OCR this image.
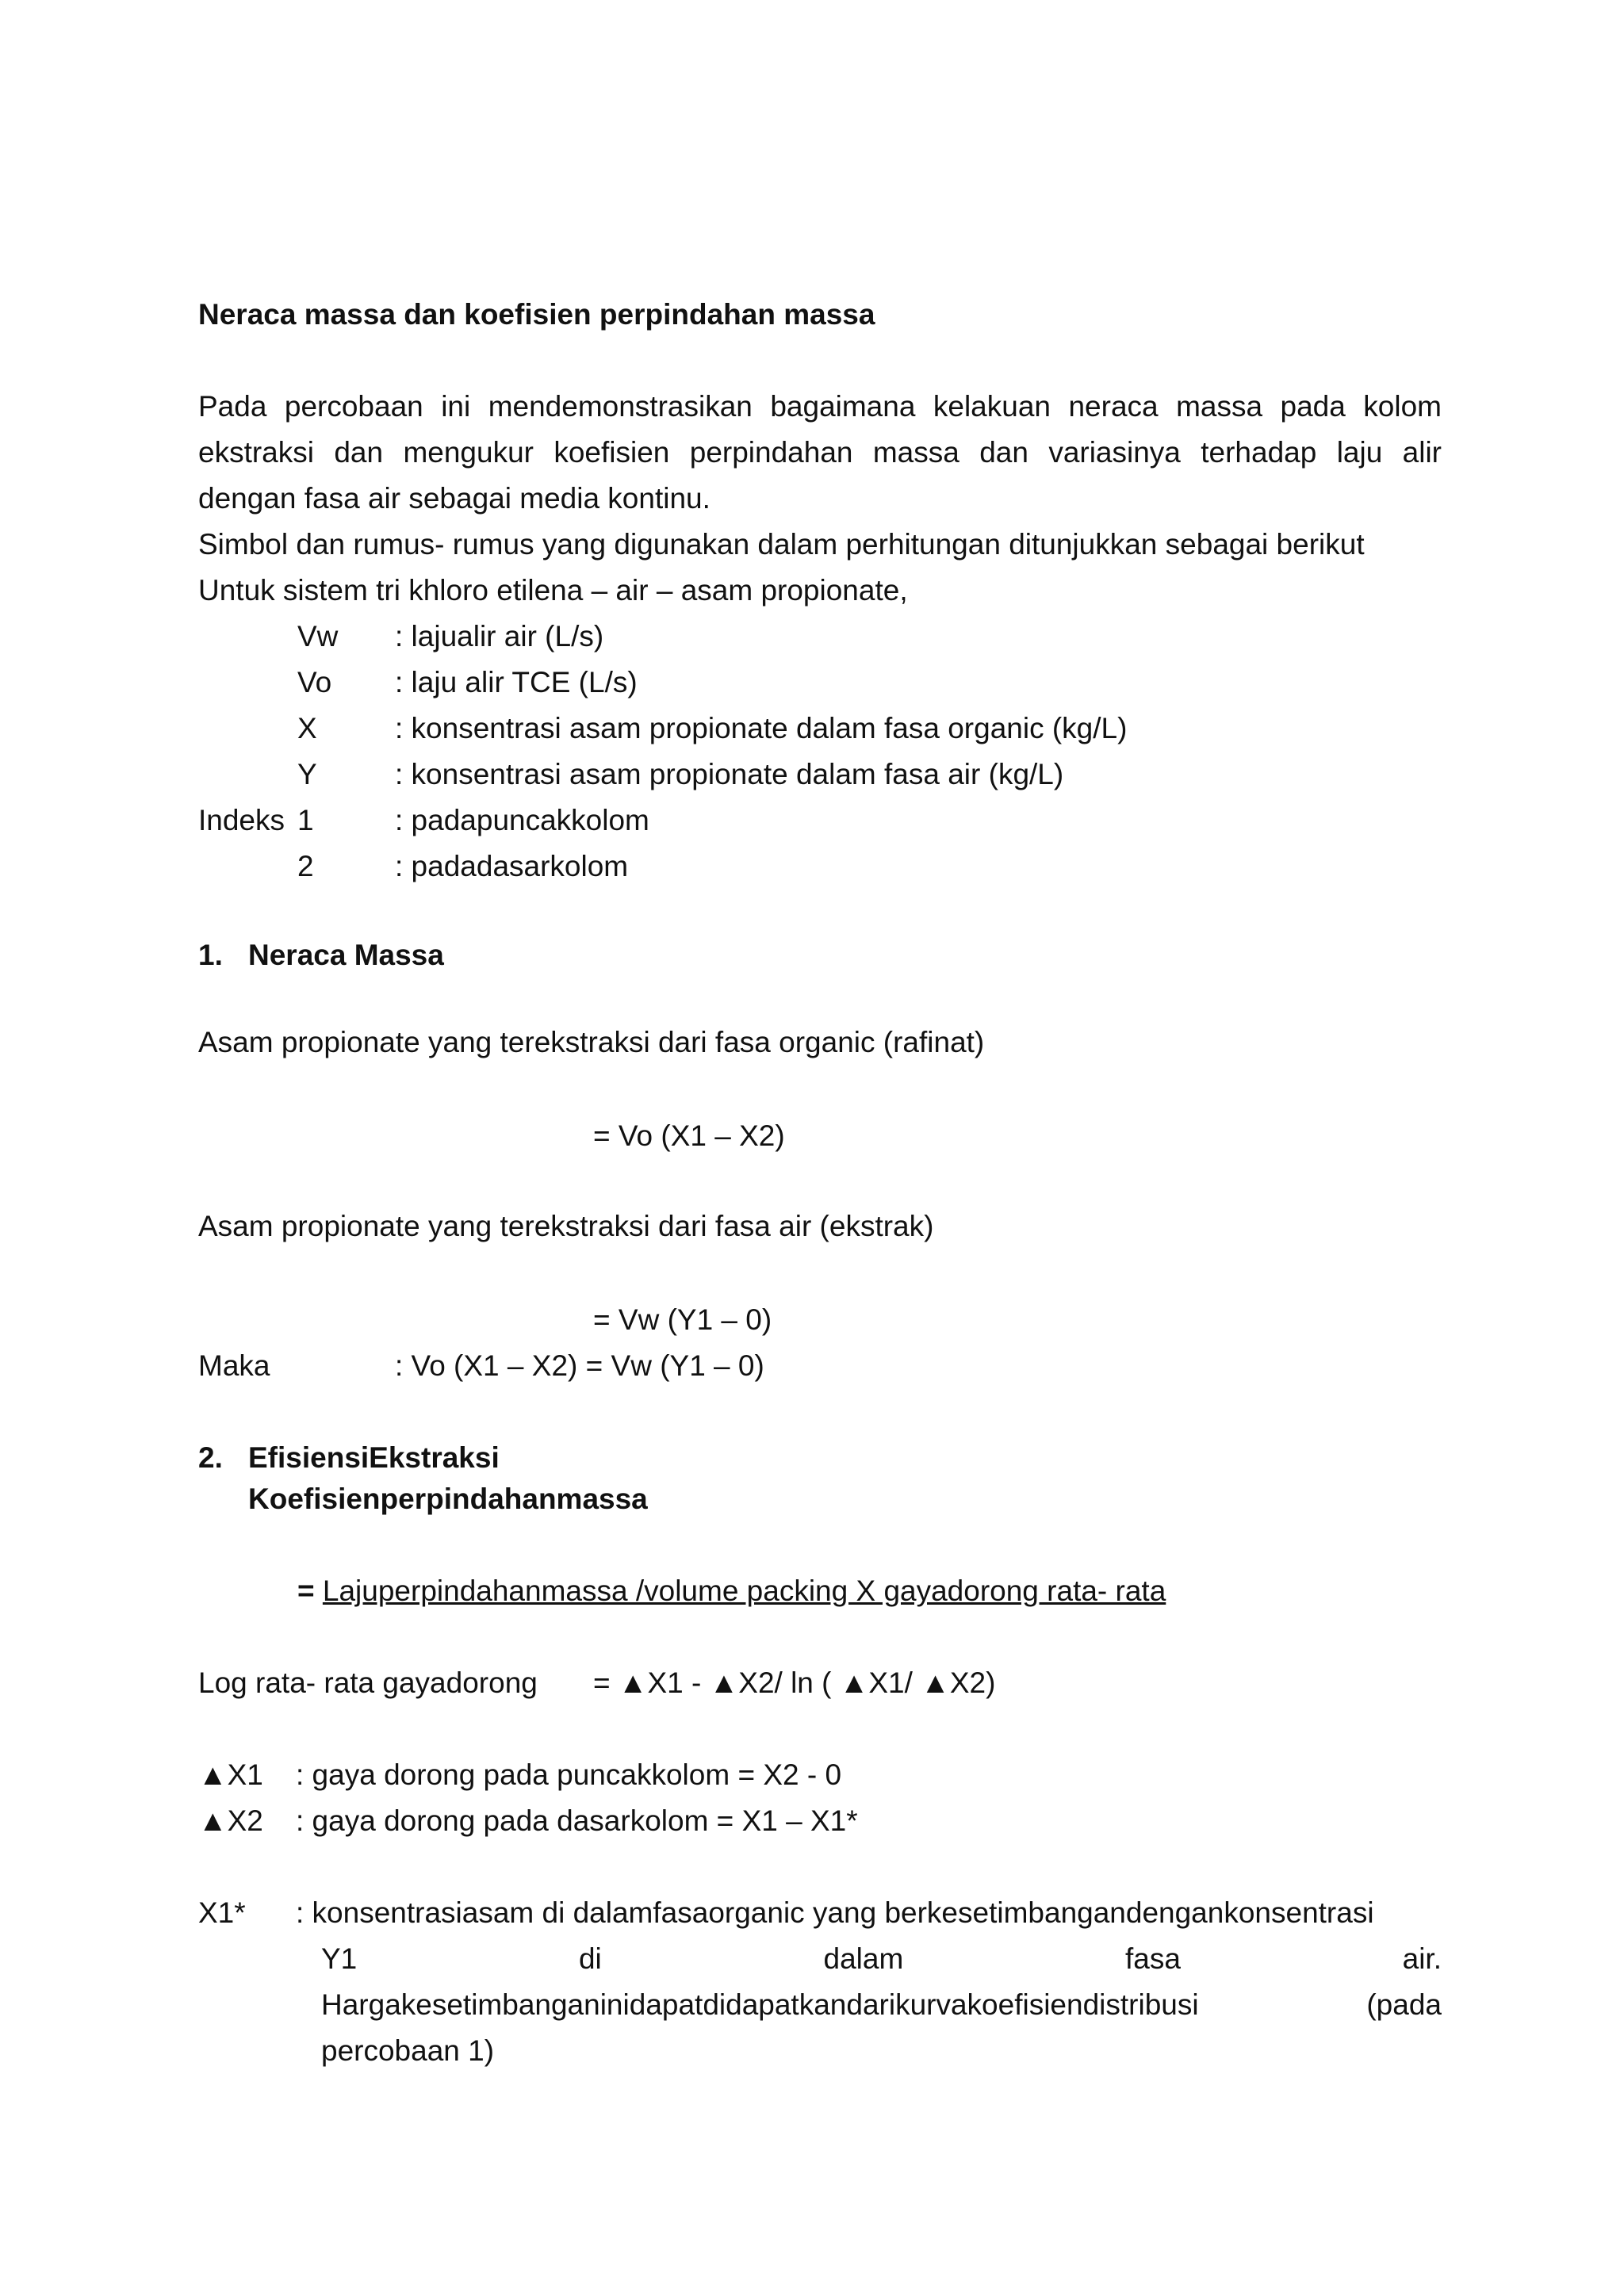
Neraca massa dan koefisien perpindahan massa
Pada percobaan ini mendemonstrasikan bagaimana kelakuan neraca massa pada kolom
ekstraksi dan mengukur koefisien perpindahan massa dan variasinya terhadap laju alir
dengan fasa air sebagai media kontinu.
Simbol dan rumus- rumus yang digunakan dalam perhitungan ditunjukkan sebagai berikut
Untuk sistem tri khloro etilena – air – asam propionate,
Vw : lajualir air (L/s)
Vo : laju alir TCE (L/s)
X	: konsentrasi asam propionate dalam fasa organic (kg/L)
Y	: konsentrasi asam propionate dalam fasa air (kg/L)
Indeks 1	: padapuncakkolom
2	: padadasarkolom
1. Neraca Massa
Asam propionate yang terekstraksi dari fasa organic (rafinat)
= Vo (X1 – X2)
Asam propionate yang terekstraksi dari fasa air (ekstrak)
= Vw (Y1 – 0)
Maka	: Vo (X1 – X2) = Vw (Y1 – 0)
2. EfisiensiEkstraksi
Koefisienperpindahanmassa
= Lajuperpindahanmassa /volume packing X gayadorong rata- rata
Log rata- rata gayadorong = ▲X1 - ▲X2/ ln ( ▲X1/ ▲X2)
▲X1 : gaya dorong pada puncakkolom = X2 - 0
▲X2 : gaya dorong pada dasarkolom = X1 – X1*
X1* : konsentrasiasam di dalamfasaorganic yang berkesetimbangandengankonsentrasi
Y1 di dalam fasa air.
Hargakesetimbanganinidapatdidapatkandarikurvakoefisiendistribusi (pada
percobaan 1)
